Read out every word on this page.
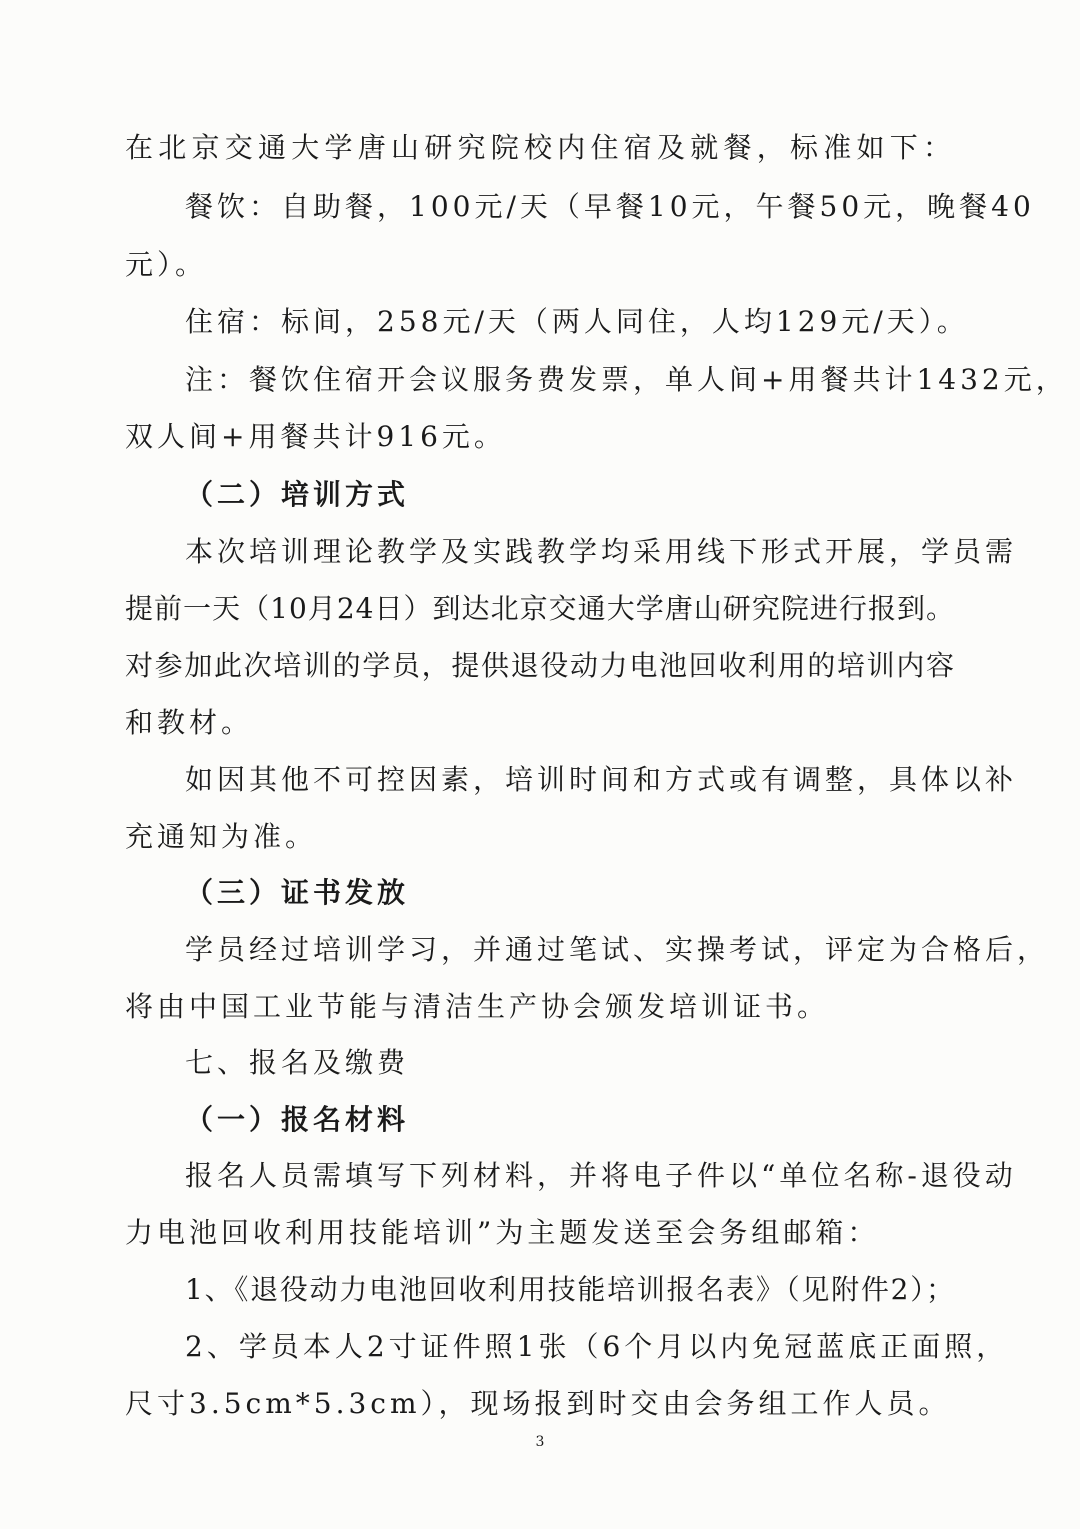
在北京交通大学唐山研究院校内住宿及就餐，标准如下：
餐饮：自助餐，100元/天（早餐10元，午餐50元，晚餐40
元）。
住宿：标间，258元/天（两人同住，人均129元/天）。
注：餐饮住宿开会议服务费发票，单人间+用餐共计1432元，
双人间+用餐共计916元。
（二）培训方式
本次培训理论教学及实践教学均采用线下形式开展，学员需
提前一天（10月24日）到达北京交通大学唐山研究院进行报到。
对参加此次培训的学员，提供退役动力电池回收利用的培训内容
和教材。
如因其他不可控因素，培训时间和方式或有调整，具体以补
充通知为准。
（三）证书发放
学员经过培训学习，并通过笔试、实操考试，评定为合格后，
将由中国工业节能与清洁生产协会颁发培训证书。
七、报名及缴费
（一）报名材料
报名人员需填写下列材料，并将电子件以“单位名称-退役动
力电池回收利用技能培训”为主题发送至会务组邮箱：
1、《退役动力电池回收利用技能培训报名表》（见附件2）；
2、学员本人2寸证件照1张（6个月以内免冠蓝底正面照，
尺寸3.5cm*5.3cm），现场报到时交由会务组工作人员。
3
